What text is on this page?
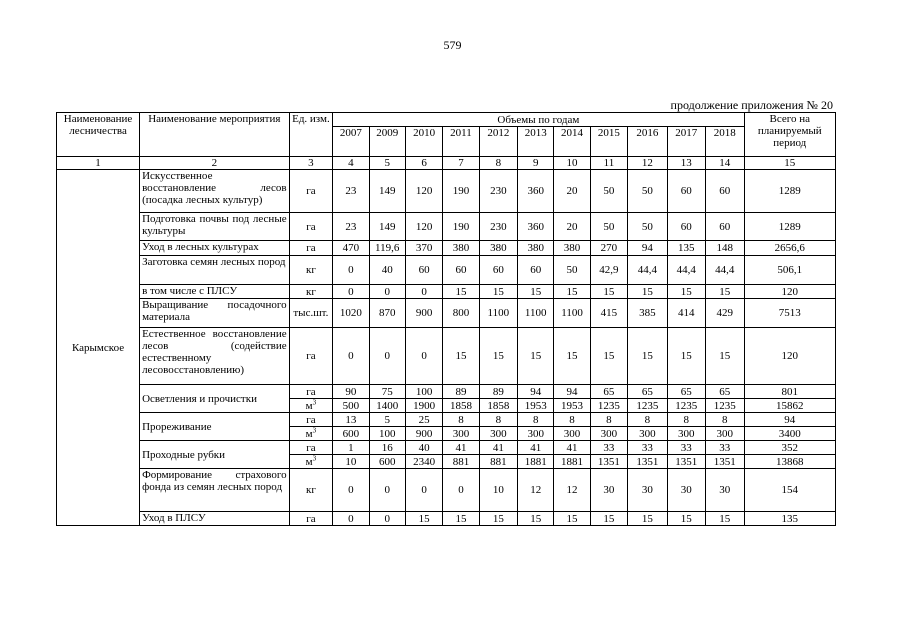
579
продолжение приложения № 20
Наименование лесничества	Наименование мероприятия	Ед. изм.	Объемы по годам											Всего на планируемый период
			2007	2009	2010	2011	2012	2013	2014	2015	2016	2017	2018	
1	2	3	4	5	6	7	8	9	10	11	12	13	14	15
Карымское	Искусственное восстановление лесов (посадка лесных культур)	га	23	149	120	190	230	360	20	50	50	60	60	1289
	Подготовка почвы под лесные культуры	га	23	149	120	190	230	360	20	50	50	60	60	1289
	Уход в лесных культурах	га	470	119,6	370	380	380	380	380	270	94	135	148	2656,6
	Заготовка семян лесных пород	кг	0	40	60	60	60	60	50	42,9	44,4	44,4	44,4	506,1
	в том числе с ПЛСУ	кг	0	0	0	15	15	15	15	15	15	15	15	120
	Выращивание посадочного материала	тыс.шт.	1020	870	900	800	1100	1100	1100	415	385	414	429	7513
	Естественное восстановление лесов (содействие естественному лесовосстановлению)	га	0	0	0	15	15	15	15	15	15	15	15	120
	Осветления и прочистки	га	90	75	100	89	89	94	94	65	65	65	65	801
		$м^3$	500	1400	1900	1858	1858	1953	1953	1235	1235	1235	1235	15862
	Прореживание	га	13	5	25	8	8	8	8	8	8	8	8	94
		$м^3$	600	100	900	300	300	300	300	300	300	300	300	3400
	Проходные рубки	га	1	16	40	41	41	41	41	33	33	33	33	352
		$м^3$	10	600	2340	881	881	1881	1881	1351	1351	1351	1351	13868
	Формирование страхового фонда из семян лесных пород	кг	0	0	0	0	10	12	12	30	30	30	30	154
	Уход в ПЛСУ	га	0	0	15	15	15	15	15	15	15	15	15	135
